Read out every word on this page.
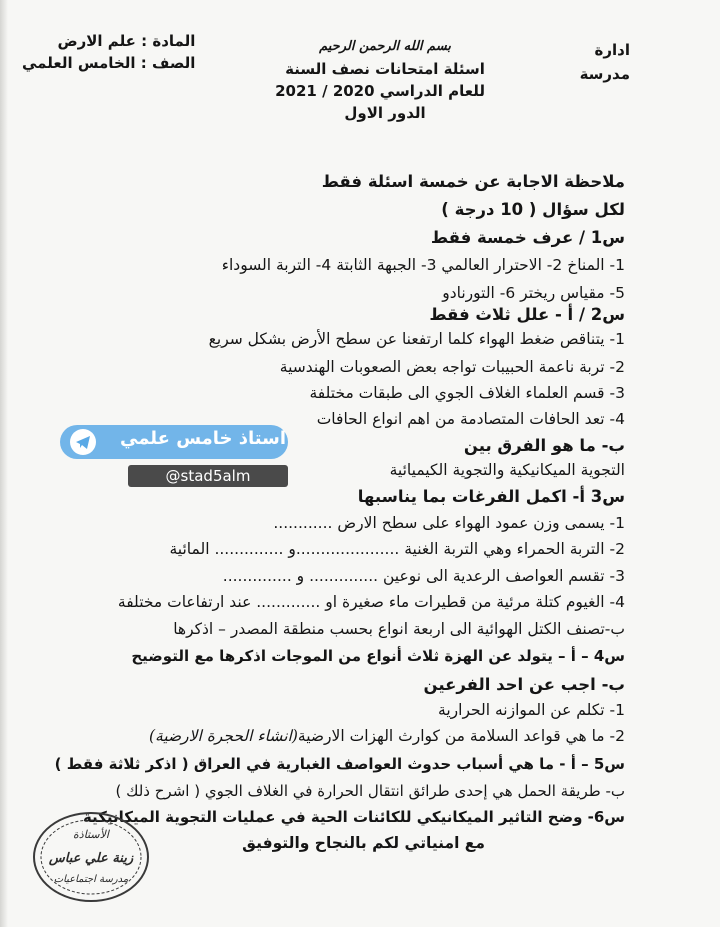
ادارة
مدرسة
بسم الله الرحمن الرحيم
اسئلة امتحانات نصف السنة
للعام الدراسي 2020 / 2021
الدور الاول
المادة : علم الارض
الصف : الخامس العلمي
ملاحظة الاجابة عن خمسة اسئلة فقط
لكل سؤال ( 10 درجة )
س1 / عرف خمسة فقط
1- المناخ 2- الاحترار العالمي 3- الجبهة الثابتة 4- التربة السوداء
5- مقياس ريختر 6- التورنادو
س2 / أ - علل ثلاث فقط
1- يتناقص ضغط الهواء كلما ارتفعنا عن سطح الأرض بشكل سريع
2- تربة ناعمة الحبيبات تواجه بعض الصعوبات الهندسية
3- قسم العلماء الغلاف الجوي الى طبقات مختلفة
4- تعد الحافات المتصادمة من اهم انواع الحافات
ب- ما هو الفرق بين
التجوية الميكانيكية والتجوية الكيميائية
س3 أ- اكمل الفرغات بما يناسبها
1- يسمى وزن عمود الهواء على سطح الارض ............
2- التربة الحمراء وهي التربة الغنية .....................و .............. المائية
3- تقسم العواصف الرعدية الى نوعين .............. و ..............
4- الغيوم كتلة مرئية من قطيرات ماء صغيرة او ............. عند ارتفاعات مختلفة
ب-تصنف الكتل الهوائية الى اربعة انواع بحسب منطقة المصدر – اذكرها
س4 – أ – يتولد عن الهزة ثلاث أنواع من الموجات اذكرها مع التوضيح
ب- اجب عن احد الفرعين
1- تكلم عن الموازنه الحرارية
2- ما هي قواعد السلامة من كوارث الهزات الارضية(انشاء الحجرة الارضية)
س5 – أ - ما هي أسباب حدوث العواصف الغبارية في العراق ( اذكر ثلاثة فقط )
ب- طريقة الحمل هي إحدى طرائق انتقال الحرارة في الغلاف الجوي ( اشرح ذلك )
س6- وضح التاثير الميكانيكي للكائنات الحية في عمليات التجوية الميكانيكية
مع امنياتي لكم بالنجاح والتوفيق
استاذ خامس علمي
@stad5alm
الأستاذة
زينة علي عباس
مدرسة اجتماعيات
